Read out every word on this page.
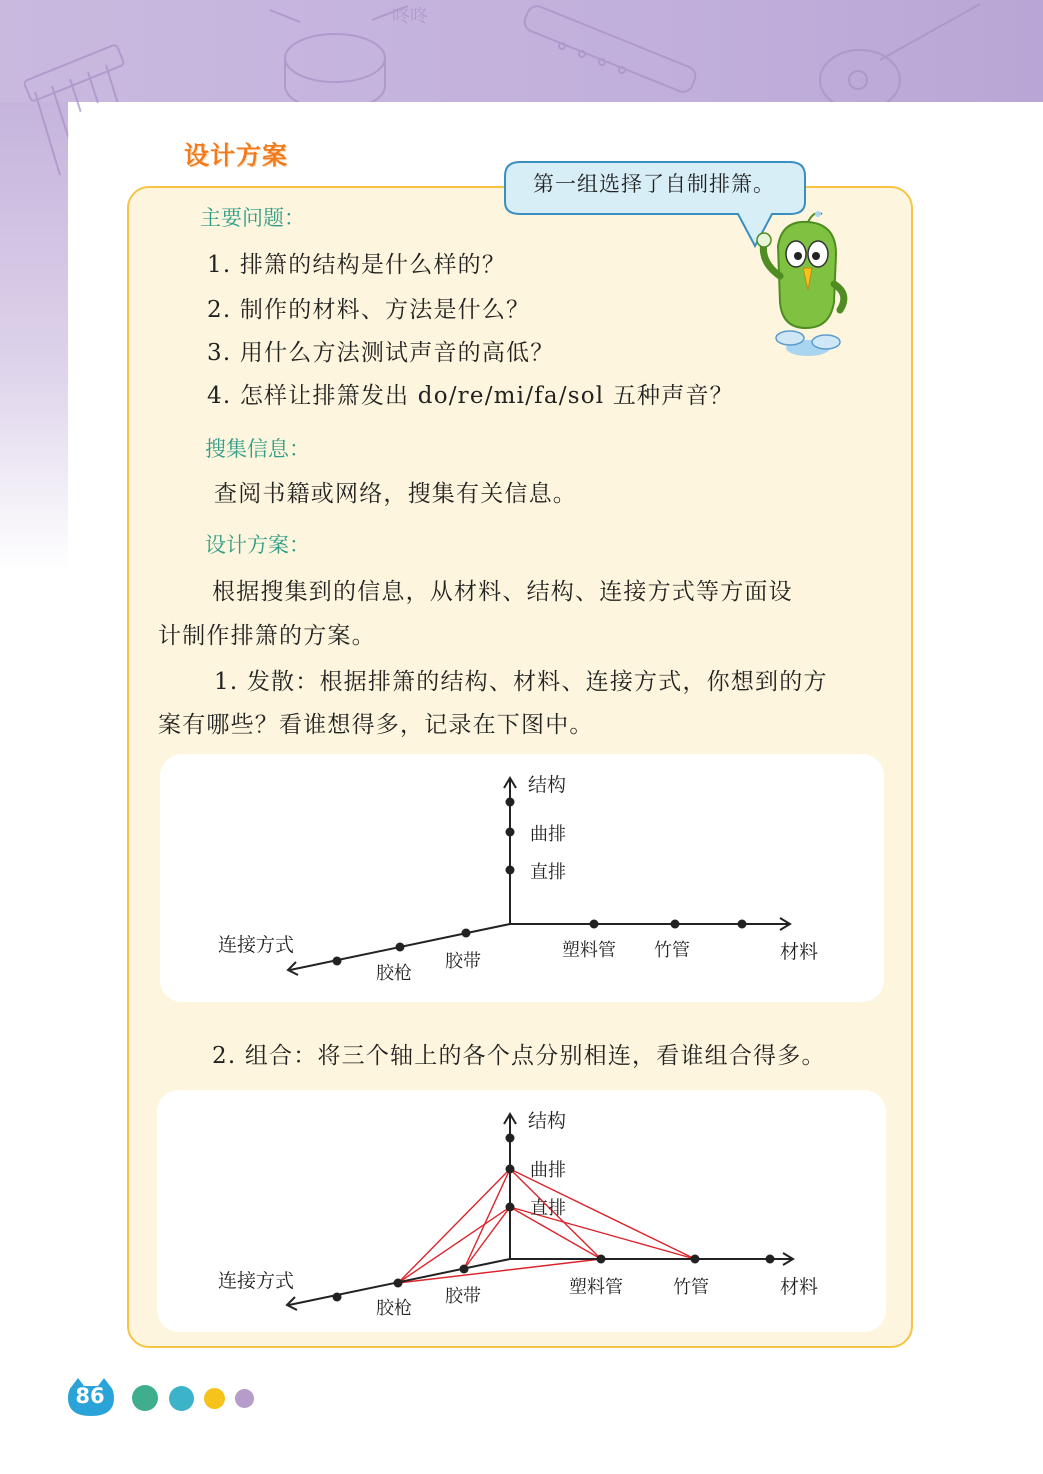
咚咚
设计方案
第一组选择了自制排箫。
主要问题：
1. 排箫的结构是什么样的？
2. 制作的材料、方法是什么？
3. 用什么方法测试声音的高低？
4. 怎样让排箫发出 do/re/mi/fa/sol 五种声音？
搜集信息：
查阅书籍或网络，搜集有关信息。
设计方案：
根据搜集到的信息，从材料、结构、连接方式等方面设
计制作排箫的方案。
1. 发散：根据排箫的结构、材料、连接方式，你想到的方
案有哪些？看谁想得多，记录在下图中。
结构
材料
连接方式
曲排
直排
塑料管 竹管
胶枪
胶带
2. 组合：将三个轴上的各个点分别相连，看谁组合得多。
结构
材料
连接方式
曲排
直排
塑料管	竹管
胶枪
胶带
86
